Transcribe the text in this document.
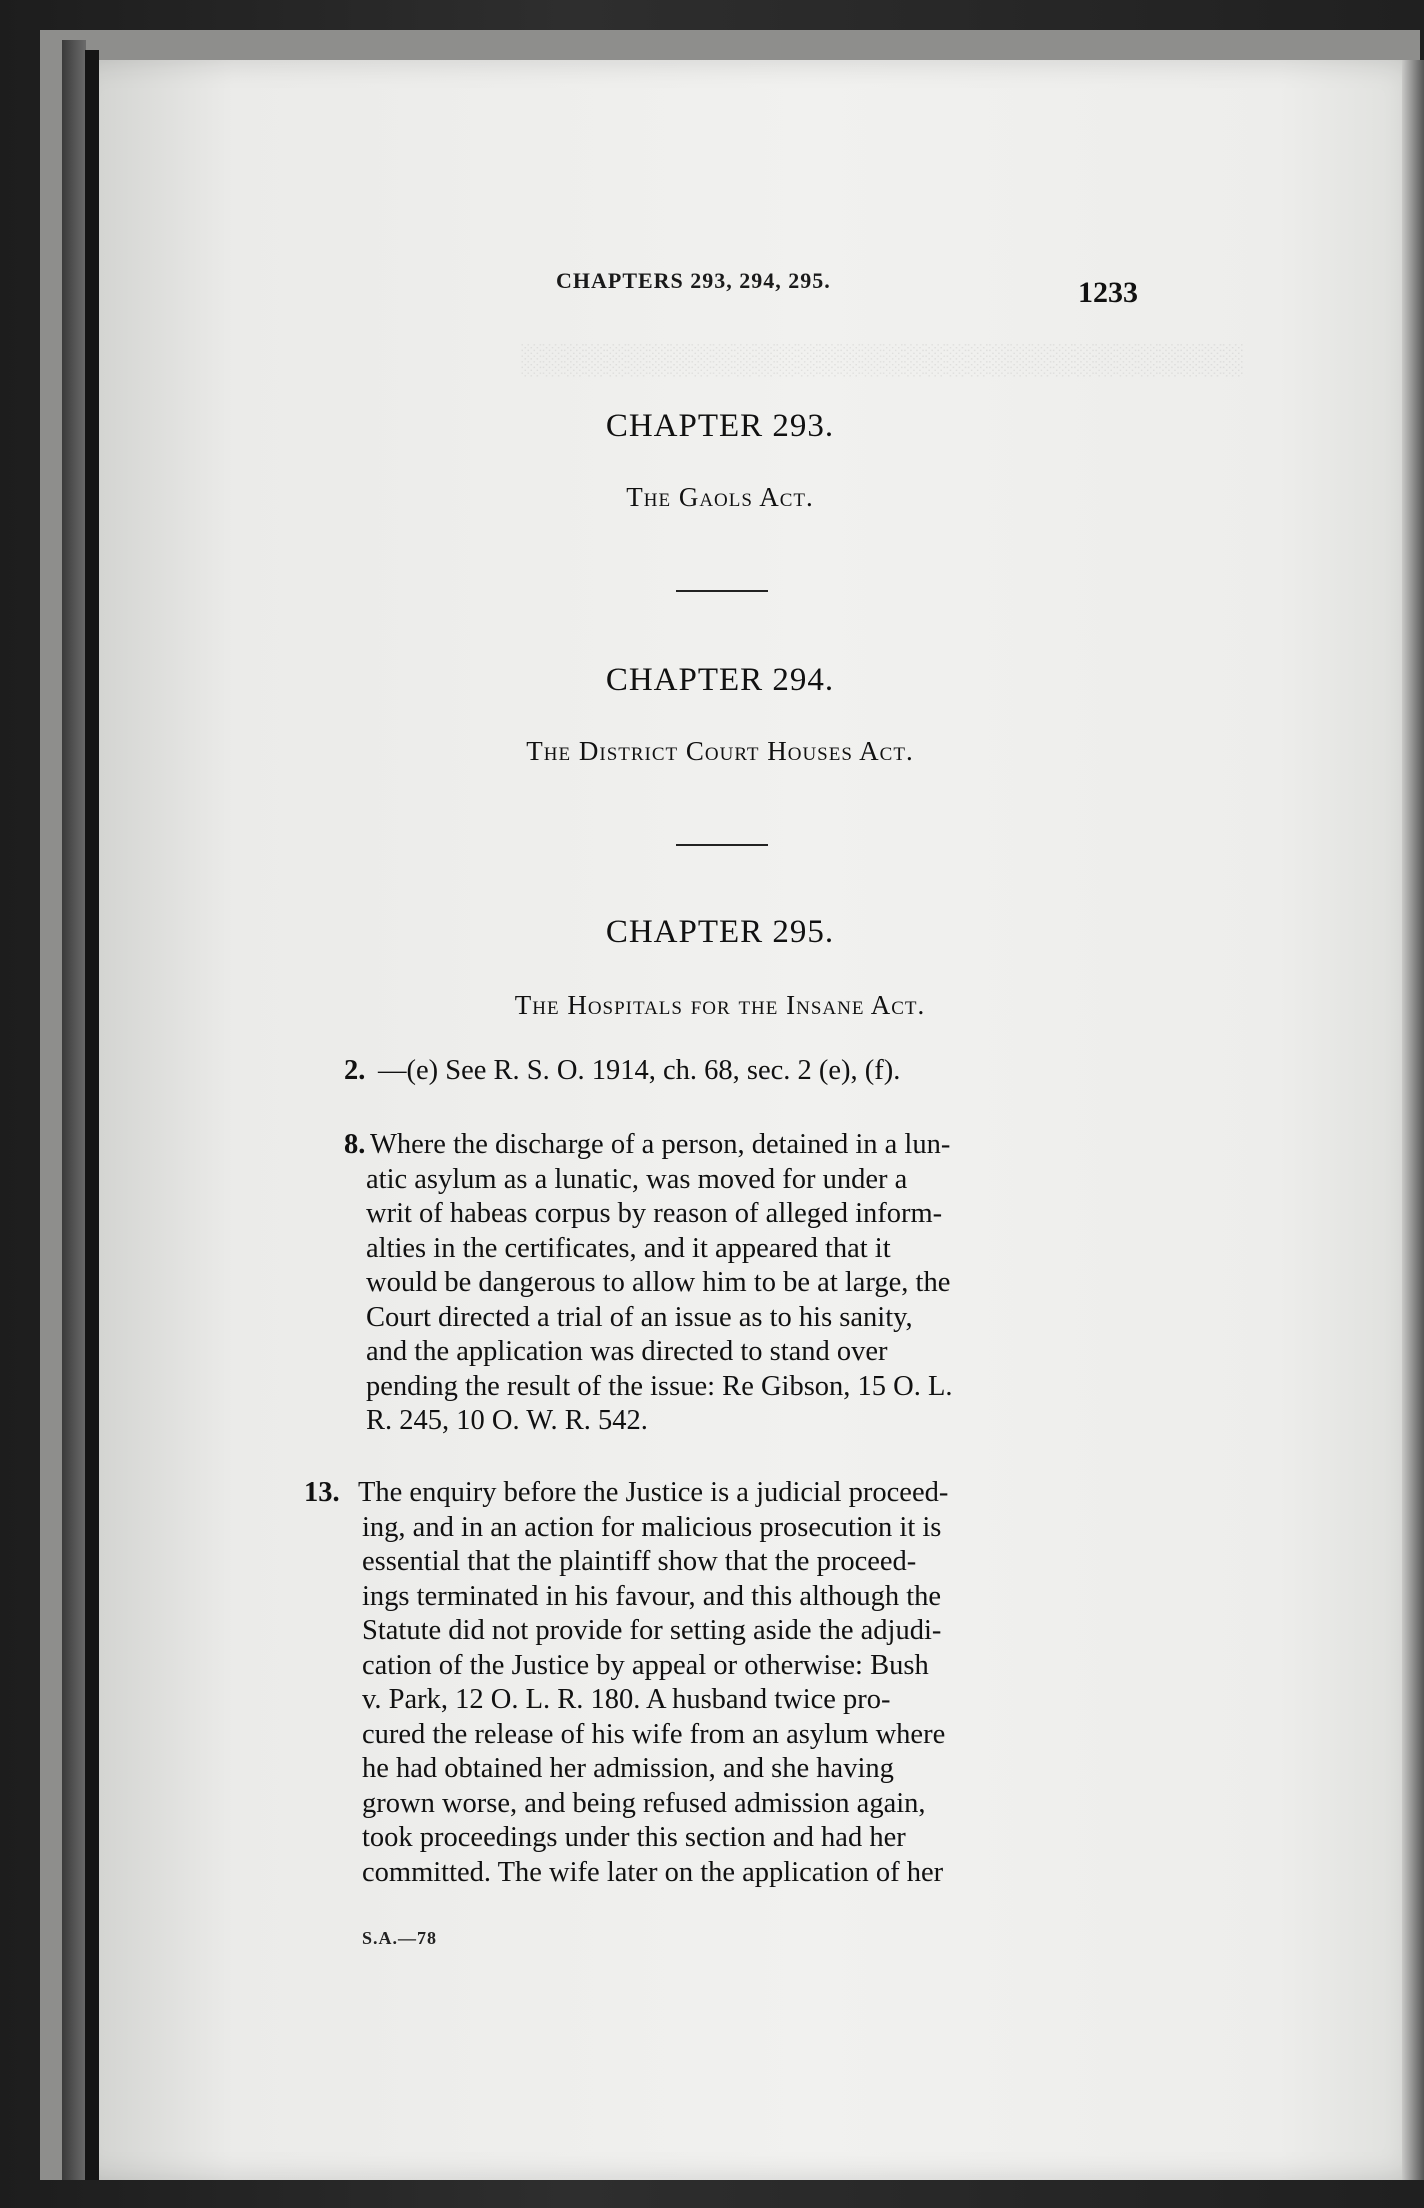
░░░░░░░░░░░░░░░░░░░░░░░░░░░░░░░░░░
CHAPTERS 293, 294, 295.	1233
CHAPTER 293.
The Gaols Act.
CHAPTER 294.
The District Court Houses Act.
CHAPTER 295.
The Hospitals for the Insane Act.
2. —(e) See R. S. O. 1914, ch. 68, sec. 2 (e), (f).
8. Where the discharge of a person, detained in a lun-
atic asylum as a lunatic, was moved for under a
writ of habeas corpus by reason of alleged inform-
alties in the certificates, and it appeared that it
would be dangerous to allow him to be at large, the
Court directed a trial of an issue as to his sanity,
and the application was directed to stand over
pending the result of the issue: Re Gibson, 15 O. L.
R. 245, 10 O. W. R. 542.
13. The enquiry before the Justice is a judicial proceed-
ing, and in an action for malicious prosecution it is
essential that the plaintiff show that the proceed-
ings terminated in his favour, and this although the
Statute did not provide for setting aside the adjudi-
cation of the Justice by appeal or otherwise: Bush
v. Park, 12 O. L. R. 180. A husband twice pro-
cured the release of his wife from an asylum where
he had obtained her admission, and she having
grown worse, and being refused admission again,
took proceedings under this section and had her
committed. The wife later on the application of her
S.A.—78
